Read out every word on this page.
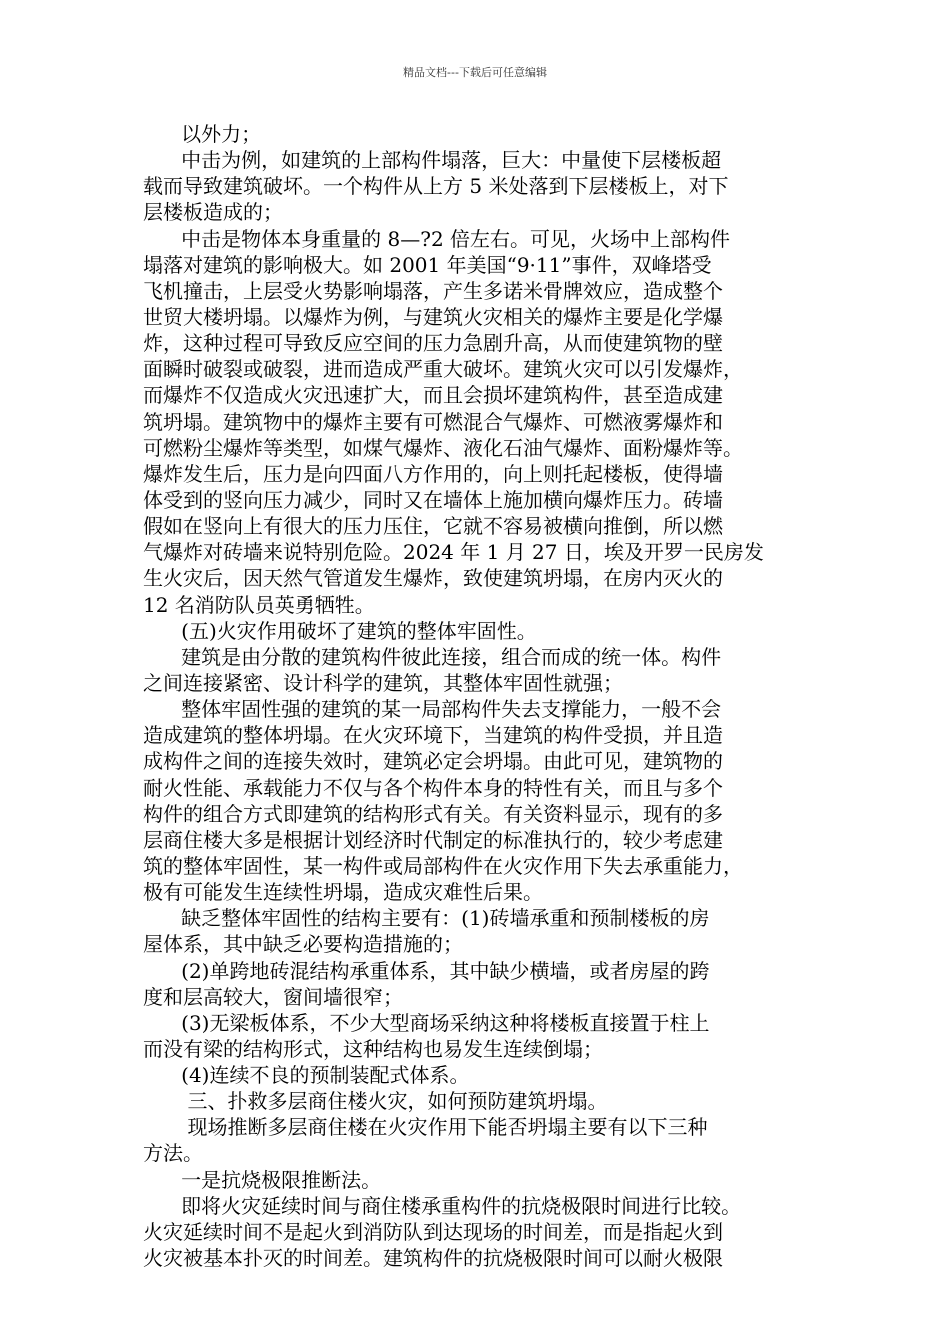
精品文档---下载后可任意编辑
以外力；
中击为例，如建筑的上部构件塌落，巨大：中量使下层楼板超
载而导致建筑破坏。一个构件从上方 5 米处落到下层楼板上，对下
层楼板造成的；
中击是物体本身重量的 8—?2 倍左右。可见，火场中上部构件
塌落对建筑的影响极大。如 2001 年美国“9·11”事件，双峰塔受
飞机撞击，上层受火势影响塌落，产生多诺米骨牌效应，造成整个
世贸大楼坍塌。以爆炸为例，与建筑火灾相关的爆炸主要是化学爆
炸，这种过程可导致反应空间的压力急剧升高，从而使建筑物的壁
面瞬时破裂或破裂，进而造成严重大破坏。建筑火灾可以引发爆炸，
而爆炸不仅造成火灾迅速扩大，而且会损坏建筑构件，甚至造成建
筑坍塌。建筑物中的爆炸主要有可燃混合气爆炸、可燃液雾爆炸和
可燃粉尘爆炸等类型，如煤气爆炸、液化石油气爆炸、面粉爆炸等。
爆炸发生后，压力是向四面八方作用的，向上则托起楼板，使得墙
体受到的竖向压力减少，同时又在墙体上施加横向爆炸压力。砖墙
假如在竖向上有很大的压力压住，它就不容易被横向推倒，所以燃
气爆炸对砖墙来说特别危险。2024 年 1 月 27 日，埃及开罗一民房发
生火灾后，因天然气管道发生爆炸，致使建筑坍塌，在房内灭火的
12 名消防队员英勇牺牲。
(五)火灾作用破坏了建筑的整体牢固性。
建筑是由分散的建筑构件彼此连接，组合而成的统一体。构件
之间连接紧密、设计科学的建筑，其整体牢固性就强；
整体牢固性强的建筑的某一局部构件失去支撑能力，一般不会
造成建筑的整体坍塌。在火灾环境下，当建筑的构件受损，并且造
成构件之间的连接失效时，建筑必定会坍塌。由此可见，建筑物的
耐火性能、承载能力不仅与各个构件本身的特性有关，而且与多个
构件的组合方式即建筑的结构形式有关。有关资料显示，现有的多
层商住楼大多是根据计划经济时代制定的标准执行的，较少考虑建
筑的整体牢固性，某一构件或局部构件在火灾作用下失去承重能力，
极有可能发生连续性坍塌，造成灾难性后果。
缺乏整体牢固性的结构主要有：(1)砖墙承重和预制楼板的房
屋体系，其中缺乏必要构造措施的；
(2)单跨地砖混结构承重体系，其中缺少横墙，或者房屋的跨
度和层高较大，窗间墙很窄；
(3)无梁板体系，不少大型商场采纳这种将楼板直接置于柱上
而没有梁的结构形式，这种结构也易发生连续倒塌；
(4)连续不良的预制装配式体系。
三、扑救多层商住楼火灾，如何预防建筑坍塌。
现场推断多层商住楼在火灾作用下能否坍塌主要有以下三种
方法。
一是抗烧极限推断法。
即将火灾延续时间与商住楼承重构件的抗烧极限时间进行比较。
火灾延续时间不是起火到消防队到达现场的时间差，而是指起火到
火灾被基本扑灭的时间差。建筑构件的抗烧极限时间可以耐火极限
